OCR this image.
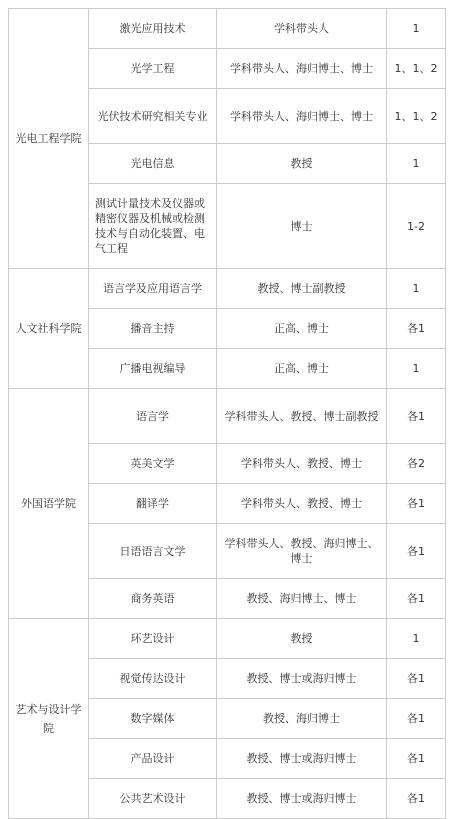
光电工程学院	激光应用技术	学科带头人	1
	光学工程	学科带头人、海归博士、博士	1、1、2
	光伏技术研究相关专业	学科带头人、海归博士、博士	1、1、2
	光电信息	教授	1
	测试计量技术及仪器或精密仪器及机械或检测技术与自动化装置、电气工程	博士	1-2
人文社科学院	语言学及应用语言学	教授、博士副教授	1
	播音主持	正高、博士	各1
	广播电视编导	正高、博士	1
外国语学院	语言学	学科带头人、教授、博士副教授	各1
	英美文学	学科带头人、教授、博士	各2
	翻译学	学科带头人、教授、博士	各1
	日语语言文学	学科带头人、教授、海归博士、博士	各1
	商务英语	教授、海归博士、博士	各1
艺术与设计学院	环艺设计	教授	1
	视觉传达设计	教授、博士或海归博士	各1
	数字媒体	教授、海归博士	各1
	产品设计	教授、博士或海归博士	各1
	公共艺术设计	教授、博士或海归博士	各1
